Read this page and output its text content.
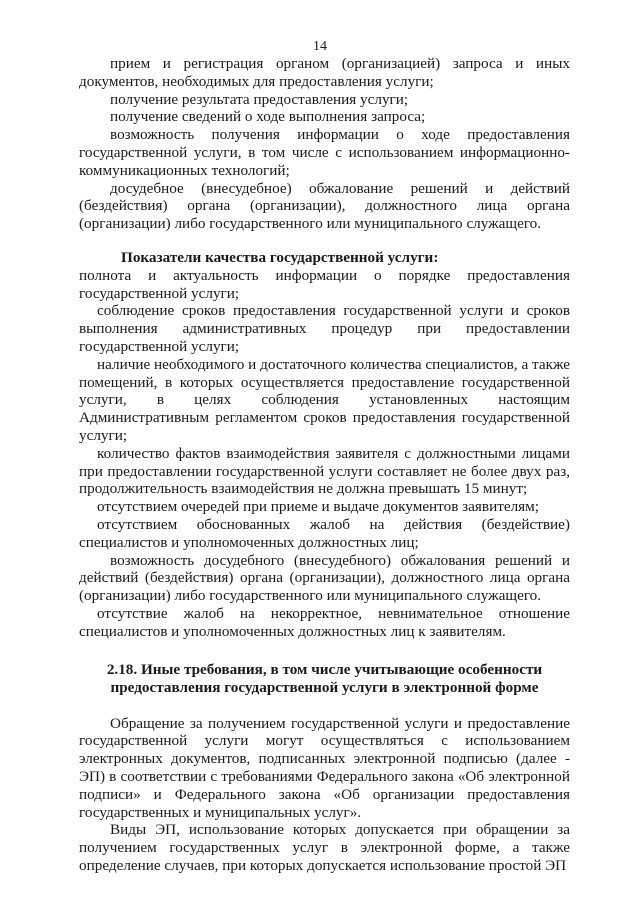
14

прием и регистрация органом (организацией) запроса и иных документов, необходимых для предоставления услуги;

получение результата предоставления услуги;

получение сведений о ходе выполнения запроса;

возможность получения информации о ходе предоставления государственной услуги, в том числе с использованием информационно-коммуникационных технологий;

досудебное (внесудебное) обжалование решений и действий (бездействия) органа (организации), должностного лица органа (организации) либо государственного или муниципального служащего.

Показатели качества государственной услуги:

полнота и актуальность информации о порядке предоставления государственной услуги;

соблюдение сроков предоставления государственной услуги и сроков выполнения административных процедур при предоставлении государственной услуги;

наличие необходимого и достаточного количества специалистов, а также помещений, в которых осуществляется предоставление государственной услуги, в целях соблюдения установленных настоящим Административным регламентом сроков предоставления государственной услуги;

количество фактов взаимодействия заявителя с должностными лицами при предоставлении государственной услуги составляет не более двух раз, продолжительность взаимодействия не должна превышать 15 минут;

отсутствием очередей при приеме и выдаче документов заявителям;

отсутствием обоснованных жалоб на действия (бездействие) специалистов и уполномоченных должностных лиц;

возможность досудебного (внесудебного) обжалования решений и действий (бездействия) органа (организации), должностного лица органа (организации) либо государственного или муниципального служащего.

отсутствие жалоб на некорректное, невнимательное отношение специалистов и уполномоченных должностных лиц к заявителям.

2.18. Иные требования, в том числе учитывающие особенности

предоставления государственной услуги в электронной форме

Обращение за получением государственной услуги и предоставление государственной услуги могут осуществляться с использованием электронных документов, подписанных электронной подписью (далее - ЭП) в соответствии с требованиями Федерального закона «Об электронной подписи» и Федерального закона «Об организации предоставления государственных и муниципальных услуг».

Виды ЭП, использование которых допускается при обращении за получением государственных услуг в электронной форме, а также определение случаев, при которых допускается использование простой ЭП
